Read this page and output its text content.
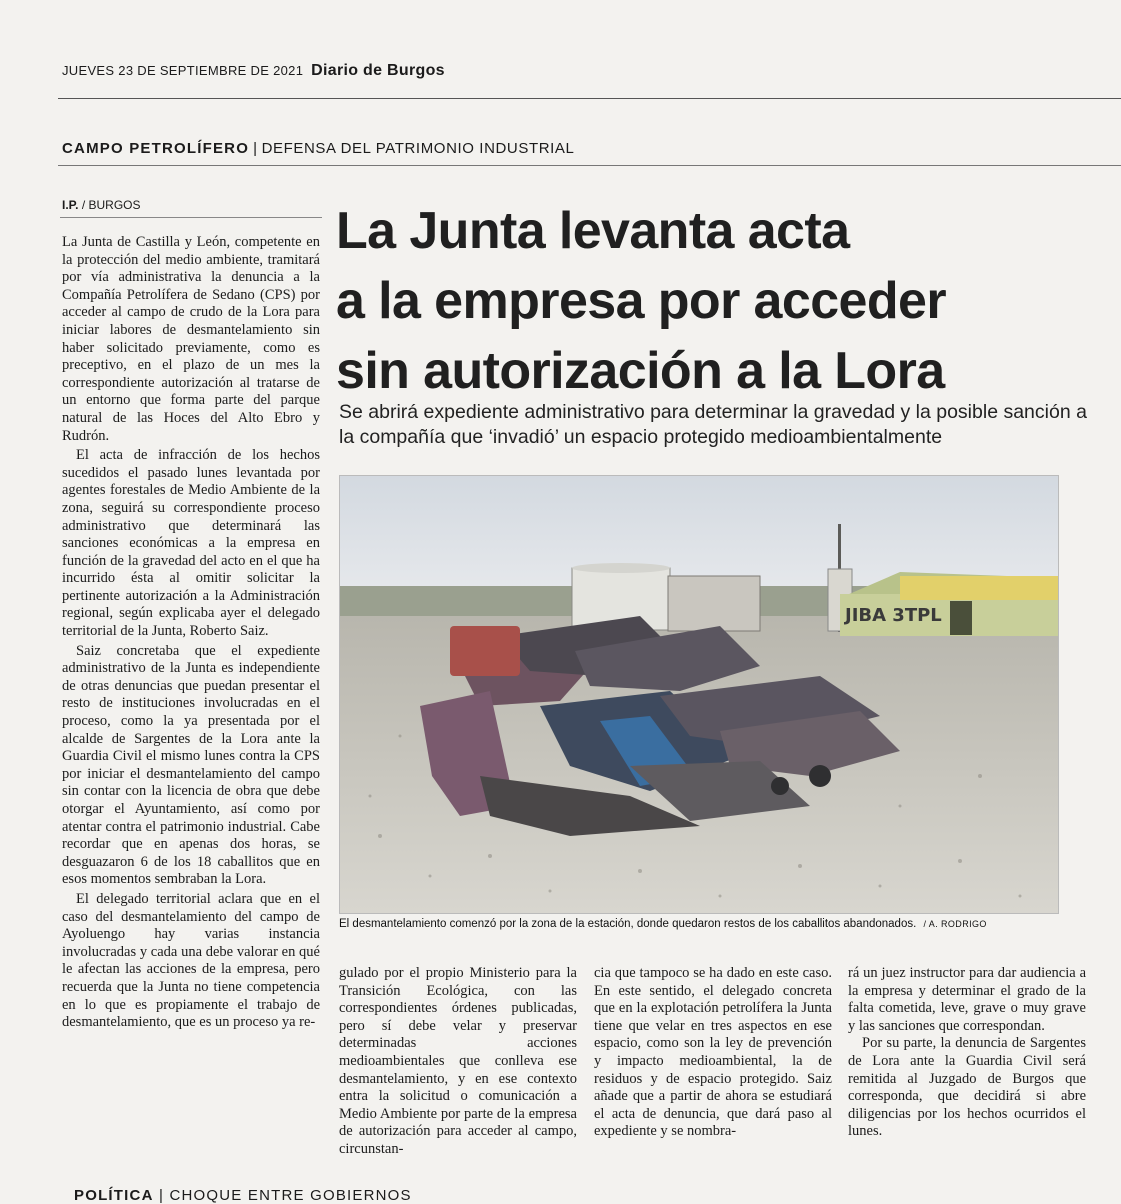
JUEVES 23 DE SEPTIEMBRE DE 2021 Diario de Burgos
CAMPO PETROLÍFERO | DEFENSA DEL PATRIMONIO INDUSTRIAL
I.P. / BURGOS

La Junta de Castilla y León, competente en la protección del medio ambiente, tramitará por vía administrativa la denuncia a la Compañía Petrolífera de Sedano (CPS) por acceder al campo de crudo de la Lora para iniciar labores de desmantelamiento sin haber solicitado previamente, como es preceptivo, en el plazo de un mes la correspondiente autorización al tratarse de un entorno que forma parte del parque natural de las Hoces del Alto Ebro y Rudrón.

El acta de infracción de los hechos sucedidos el pasado lunes levantada por agentes forestales de Medio Ambiente de la zona, seguirá su correspondiente proceso administrativo que determinará las sanciones económicas a la empresa en función de la gravedad del acto en el que ha incurrido ésta al omitir solicitar la pertinente autorización a la Administración regional, según explicaba ayer el delegado territorial de la Junta, Roberto Saiz.

Saiz concretaba que el expediente administrativo de la Junta es independiente de otras denuncias que puedan presentar el resto de instituciones involucradas en el proceso, como la ya presentada por el alcalde de Sargentes de la Lora ante la Guardia Civil el mismo lunes contra la CPS por iniciar el desmantelamiento del campo sin contar con la licencia de obra que debe otorgar el Ayuntamiento, así como por atentar contra el patrimonio industrial. Cabe recordar que en apenas dos horas, se desguazaron 6 de los 18 caballitos que en esos momentos sembraban la Lora.

El delegado territorial aclara que en el caso del desmantelamiento del campo de Ayoluengo hay varias instancia involucradas y cada una debe valorar en qué le afectan las acciones de la empresa, pero recuerda que la Junta no tiene competencia en lo que es propiamente el trabajo de desmantelamiento, que es un proceso ya re-

La Junta levanta acta
a la empresa por acceder
sin autorización a la Lora
Se abrirá expediente administrativo para determinar la gravedad y la posible sanción a la compañía que ‘invadió’ un espacio protegido medioambientalmente
JIBA 3TPL
El desmantelamiento comenzó por la zona de la estación, donde quedaron restos de los caballitos abandonados. / A. RODRIGO

gulado por el propio Ministerio para la Transición Ecológica, con las correspondientes órdenes publicadas, pero sí debe velar y preservar determinadas acciones medioambientales que conlleva ese desmantelamiento, y en ese contexto entra la solicitud o comunicación a Medio Ambiente por parte de la empresa de autorización para acceder al campo, circunstan-

cia que tampoco se ha dado en este caso. En este sentido, el delegado concreta que en la explotación petrolífera la Junta tiene que velar en tres aspectos en ese espacio, como son la ley de prevención y impacto medioambiental, la de residuos y de espacio protegido. Saiz añade que a partir de ahora se estudiará el acta de denuncia, que dará paso al expediente y se nombra-

rá un juez instructor para dar audiencia a la empresa y determinar el grado de la falta cometida, leve, grave o muy grave y las sanciones que correspondan.

Por su parte, la denuncia de Sargentes de Lora ante la Guardia Civil será remitida al Juzgado de Burgos que corresponda, que decidirá si abre diligencias por los hechos ocurridos el lunes.

POLÍTICA | CHOQUE ENTRE GOBIERNOS
